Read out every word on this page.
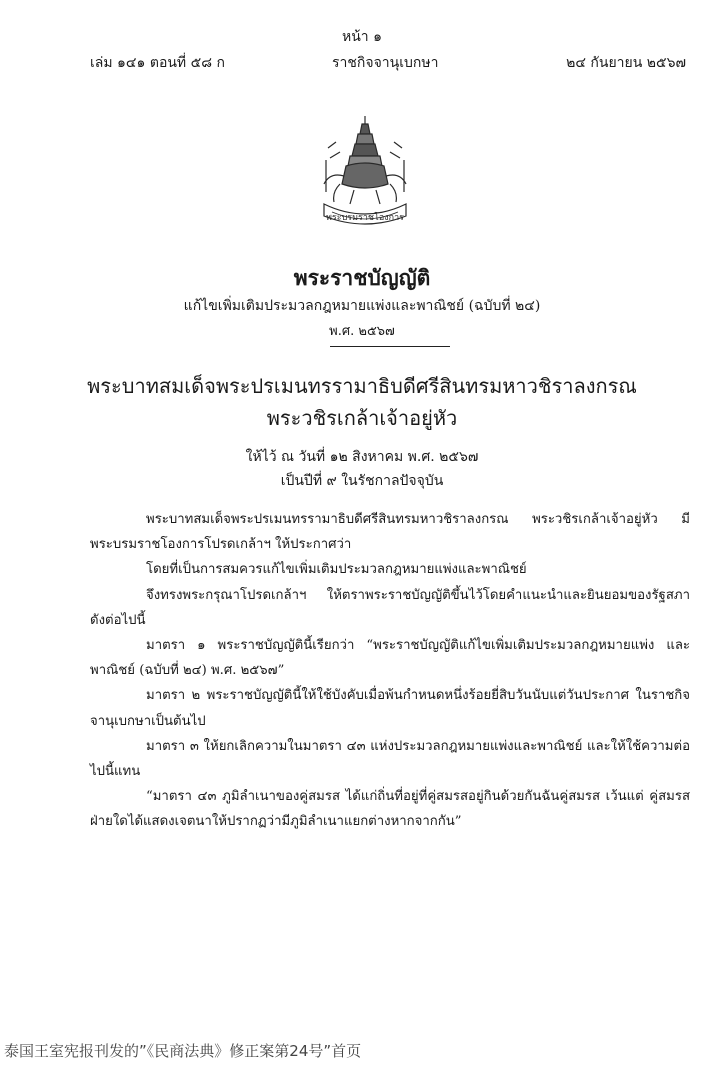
หน้า ๑
เล่ม ๑๔๑ ตอนที่ ๕๘ ก	ราชกิจจานุเบกษา	๒๔ กันยายน ๒๕๖๗
พระบรมราชโองการ
พระราชบัญญัติ
แก้ไขเพิ่มเติมประมวลกฎหมายแพ่งและพาณิชย์ (ฉบับที่ ๒๔)
พ.ศ. ๒๕๖๗
พระบาทสมเด็จพระปรเมนทรรามาธิบดีศรีสินทรมหาวชิราลงกรณ
พระวชิรเกล้าเจ้าอยู่หัว
ให้ไว้ ณ วันที่ ๑๒ สิงหาคม พ.ศ. ๒๕๖๗
เป็นปีที่ ๙ ในรัชกาลปัจจุบัน

พระบาทสมเด็จพระปรเมนทรรามาธิบดีศรีสินทรมหาวชิราลงกรณ พระวชิรเกล้าเจ้าอยู่หัว มีพระบรมราชโองการโปรดเกล้าฯ ให้ประกาศว่า

โดยที่เป็นการสมควรแก้ไขเพิ่มเติมประมวลกฎหมายแพ่งและพาณิชย์

จึงทรงพระกรุณาโปรดเกล้าฯ ให้ตราพระราชบัญญัติขึ้นไว้โดยคำแนะนำและยินยอมของรัฐสภา ดังต่อไปนี้

มาตรา ๑ พระราชบัญญัตินี้เรียกว่า “พระราชบัญญัติแก้ไขเพิ่มเติมประมวลกฎหมายแพ่ง และพาณิชย์ (ฉบับที่ ๒๔) พ.ศ. ๒๕๖๗”

มาตรา ๒ พระราชบัญญัตินี้ให้ใช้บังคับเมื่อพ้นกำหนดหนึ่งร้อยยี่สิบวันนับแต่วันประกาศ ในราชกิจจานุเบกษาเป็นต้นไป

มาตรา ๓ ให้ยกเลิกความในมาตรา ๔๓ แห่งประมวลกฎหมายแพ่งและพาณิชย์ และให้ใช้ความต่อไปนี้แทน

“มาตรา ๔๓ ภูมิลำเนาของคู่สมรส ได้แก่ถิ่นที่อยู่ที่คู่สมรสอยู่กินด้วยกันฉันคู่สมรส เว้นแต่ คู่สมรสฝ่ายใดได้แสดงเจตนาให้ปรากฏว่ามีภูมิลำเนาแยกต่างหากจากกัน”

泰国王室宪报刊发的”《民商法典》修正案第24号”首页
